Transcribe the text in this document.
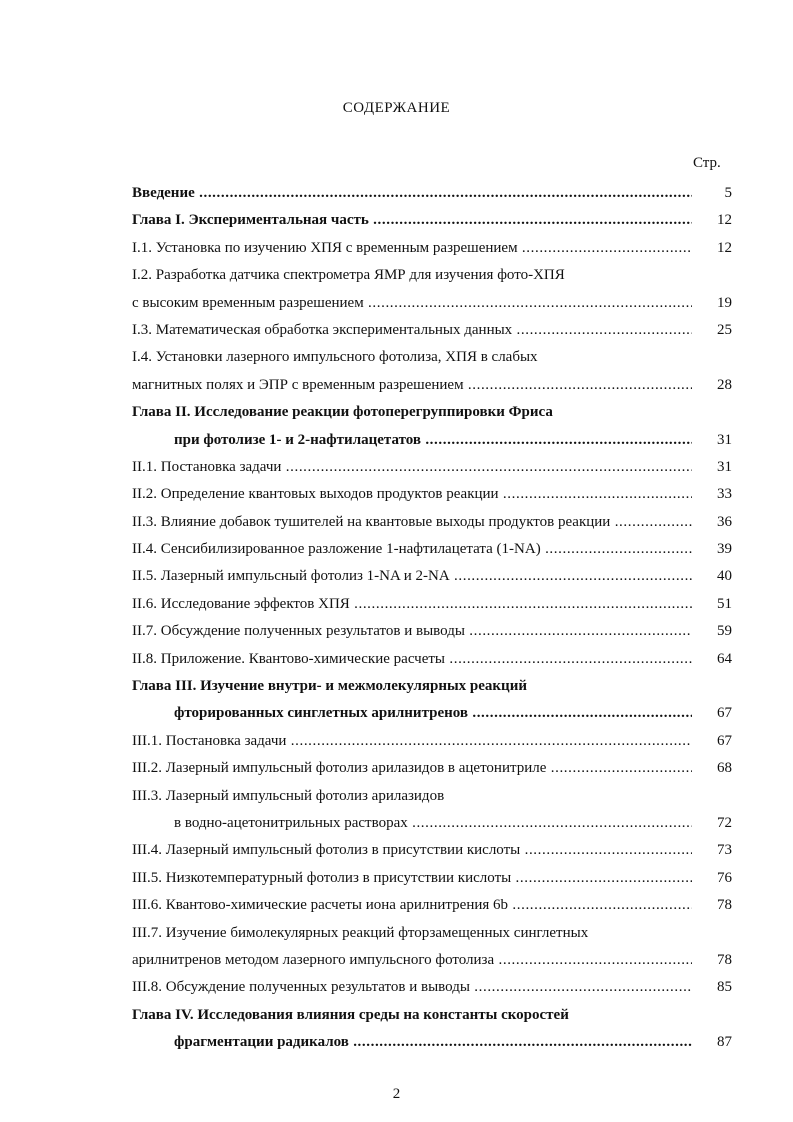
СОДЕРЖАНИЕ
Стр.
Введение .....	5
Глава I. Экспериментальная часть .....	12
I.1. Установка по изучению ХПЯ с временным разрешением .....	12
I.2. Разработка датчика спектрометра ЯМР для изучения фото-ХПЯ
с высоким временным разрешением .....	19
I.3. Математическая обработка экспериментальных данных .....	25
I.4. Установки лазерного импульсного фотолиза, ХПЯ в слабых
магнитных полях и ЭПР с временным разрешением .....	28
Глава II. Исследование реакции фотоперегруппировки Фриса
при фотолизе 1- и 2-нафтилацетатов .....	31
II.1. Постановка задачи .....	31
II.2. Определение квантовых выходов продуктов реакции .....	33
II.3. Влияние добавок тушителей на квантовые выходы продуктов реакции .....	36
II.4. Сенсибилизированное разложение 1-нафтилацетата (1-NA) .....	39
II.5. Лазерный импульсный фотолиз 1-NA и 2-NA .....	40
II.6. Исследование эффектов ХПЯ .....	51
II.7. Обсуждение полученных результатов и выводы .....	59
II.8. Приложение. Квантово-химические расчеты .....	64
Глава III. Изучение внутри- и межмолекулярных реакций
фторированных синглетных арилнитренов .....	67
III.1. Постановка задачи .....	67
III.2. Лазерный импульсный фотолиз арилазидов в ацетонитриле .....	68
III.3. Лазерный импульсный фотолиз арилазидов
в водно-ацетонитрильных растворах .....	72
III.4. Лазерный импульсный фотолиз в присутствии кислоты .....	73
III.5. Низкотемпературный фотолиз в присутствии кислоты .....	76
III.6. Квантово-химические расчеты иона арилнитрения 6b .....	78
III.7. Изучение бимолекулярных реакций фторзамещенных синглетных
арилнитренов методом лазерного импульсного фотолиза .....	78
III.8. Обсуждение полученных результатов и выводы .....	85
Глава IV. Исследования влияния среды на константы скоростей
фрагментации радикалов .....	87
2
